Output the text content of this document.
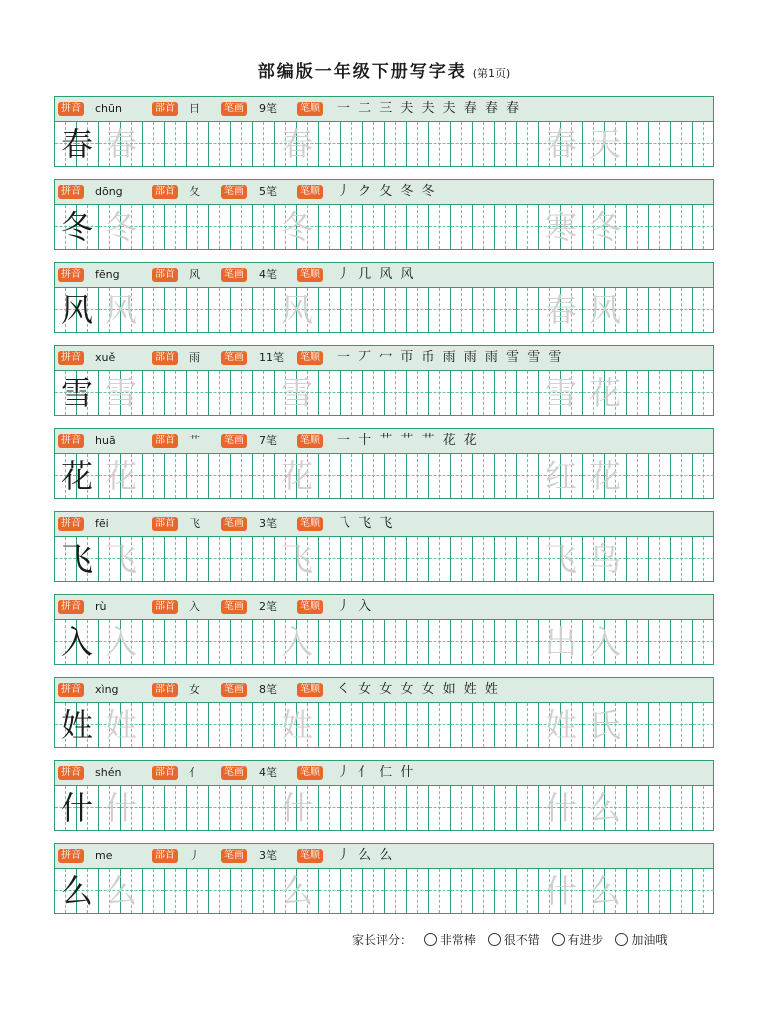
部编版一年级下册写字表 (第1页)
拼音 chūn	部首 日	笔画 9笔	笔顺 一 二 三 夫 夫 夫 春 春 春
春 春	春	春 天
拼音 dōng	部首 夂	笔画 5笔	笔顺 丿 ク 夂 冬 冬
冬 冬	冬	寒 冬
拼音 fēng	部首 风	笔画 4笔	笔顺 丿 几 风 风
风 风	风	春 风
拼音 xuě	部首 雨	笔画 11笔	笔顺 一 丆 冖 帀 币 雨 雨 雨 雪 雪 雪
雪 雪	雪	雪 花
拼音 huā	部首 艹	笔画 7笔	笔顺 一 十 艹 艹 艹 花 花
花 花	花	红 花
拼音 fēi	部首 飞	笔画 3笔	笔顺 乁 飞 飞
飞 飞	飞	飞 鸟
拼音 rù	部首 入	笔画 2笔	笔顺 丿 入
入 入	入	出 入
拼音 xìng	部首 女	笔画 8笔	笔顺 ㇛ 女 女 女 女 如 姓 姓
姓 姓	姓	姓 氏
拼音 shén	部首 亻	笔画 4笔	笔顺 丿 亻 仁 什
什 什	什	什 么
拼音 me	部首 丿	笔画 3笔	笔顺 丿 么 么
么 么	么	什 么
家长评分： 非常棒 很不错 有进步 加油哦
